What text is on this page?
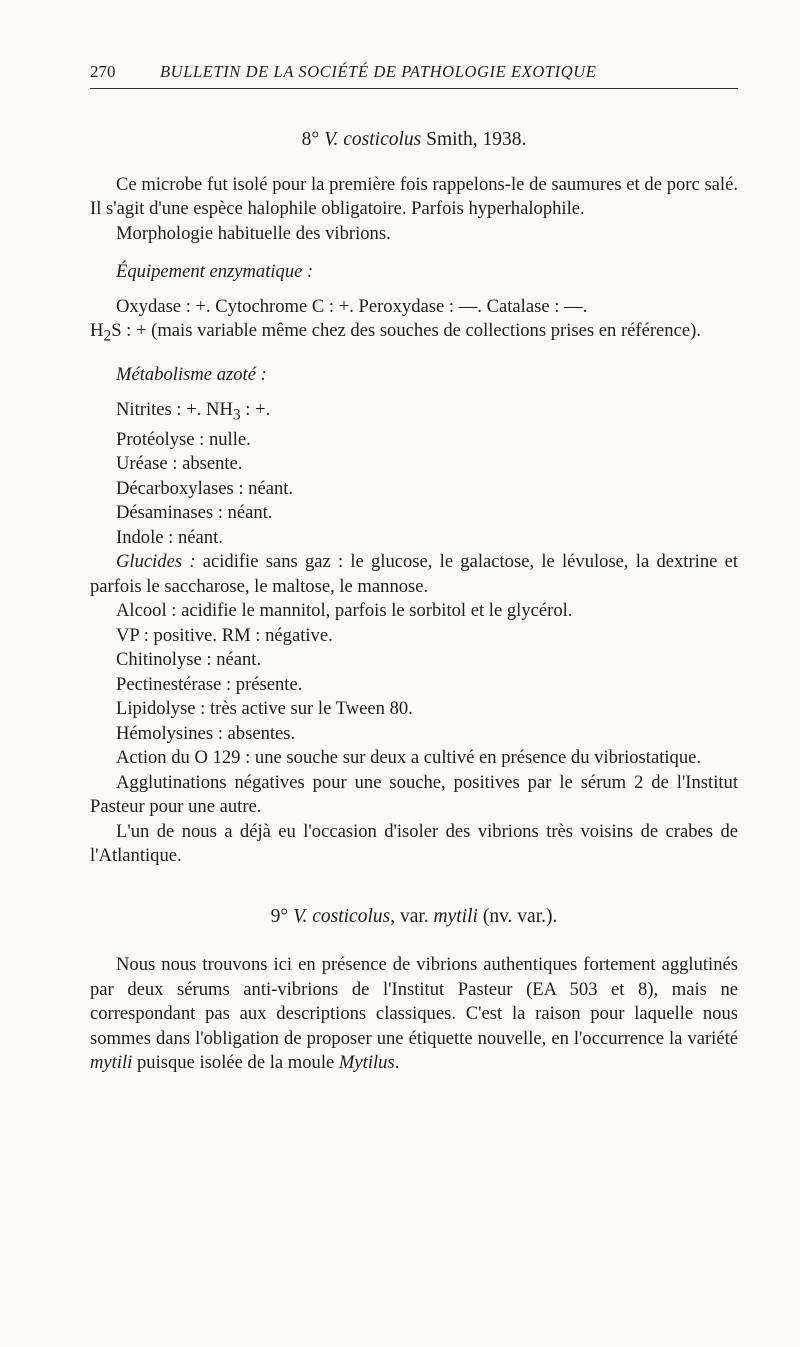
270	BULLETIN DE LA SOCIÉTÉ DE PATHOLOGIE EXOTIQUE
8° V. costicolus Smith, 1938.

Ce microbe fut isolé pour la première fois rappelons-le de saumures et de porc salé. Il s'agit d'une espèce halophile obligatoire. Parfois hyperhalophile.

Morphologie habituelle des vibrions.

Équipement enzymatique :

Oxydase : +. Cytochrome C : +. Peroxydase : —. Catalase : —.

$H_2S$ : + (mais variable même chez des souches de collections prises en référence).

Métabolisme azoté :

Nitrites : +. $NH_3$ : +.

Protéolyse : nulle.

Uréase : absente.

Décarboxylases : néant.

Désaminases : néant.

Indole : néant.

Glucides : acidifie sans gaz : le glucose, le galactose, le lévulose, la dextrine et parfois le saccharose, le maltose, le mannose.

Alcool : acidifie le mannitol, parfois le sorbitol et le glycérol.

VP : positive. RM : négative.

Chitinolyse : néant.

Pectinestérase : présente.

Lipidolyse : très active sur le Tween 80.

Hémolysines : absentes.

Action du O 129 : une souche sur deux a cultivé en présence du vibriostatique.

Agglutinations négatives pour une souche, positives par le sérum 2 de l'Institut Pasteur pour une autre.

L'un de nous a déjà eu l'occasion d'isoler des vibrions très voisins de crabes de l'Atlantique.

9° V. costicolus, var. mytili (nv. var.).

Nous nous trouvons ici en présence de vibrions authentiques fortement agglutinés par deux sérums anti-vibrions de l'Institut Pasteur (EA 503 et 8), mais ne correspondant pas aux descriptions classiques. C'est la raison pour laquelle nous sommes dans l'obligation de proposer une étiquette nouvelle, en l'occurrence la variété mytili puisque isolée de la moule Mytilus.
